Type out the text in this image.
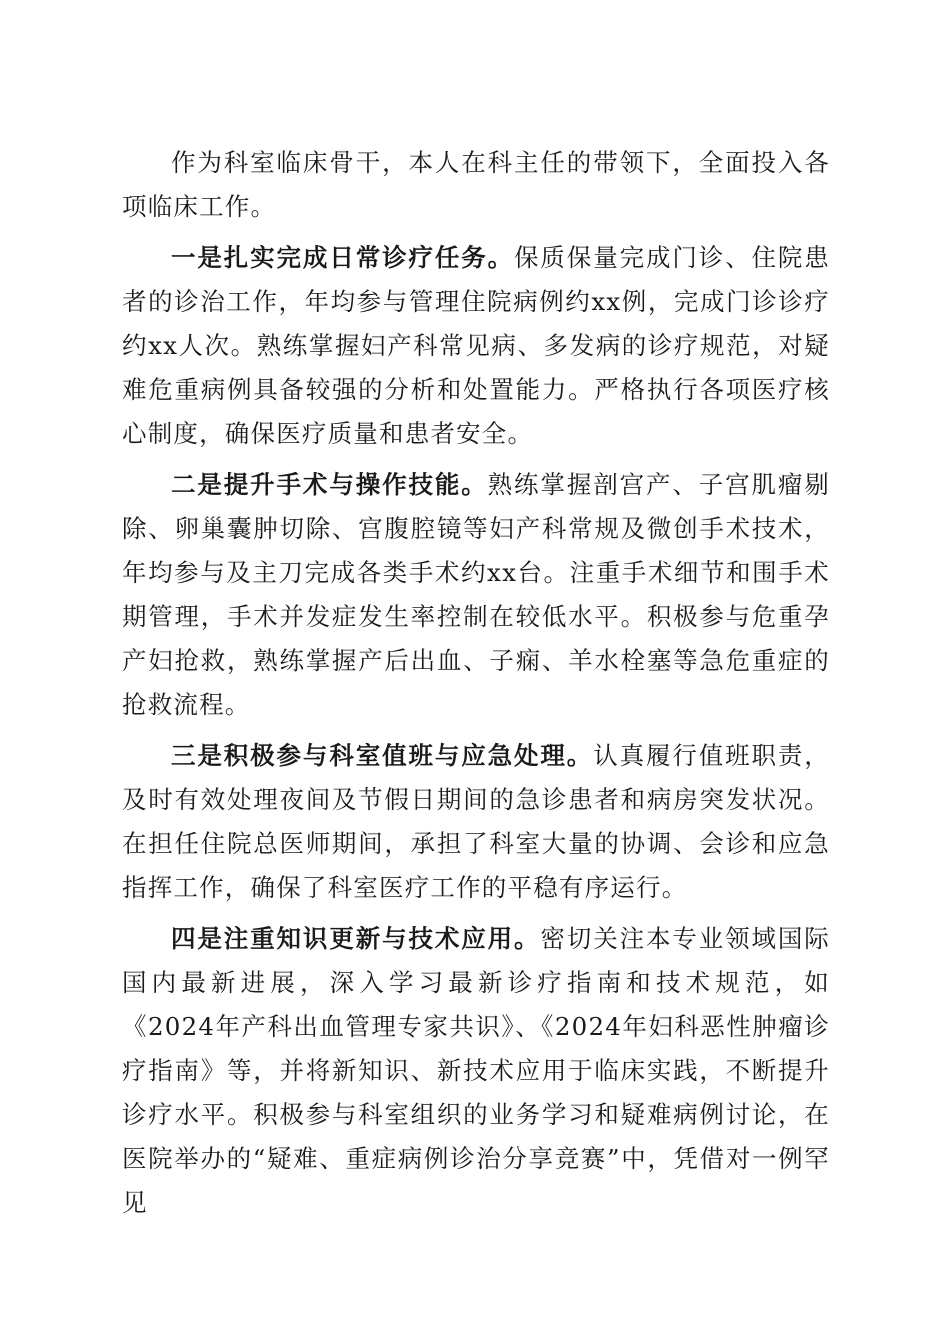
作为科室临床骨干，本人在科主任的带领下，全面投入各项临床工作。

一是扎实完成日常诊疗任务。保质保量完成门诊、住院患者的诊治工作，年均参与管理住院病例约xx例，完成门诊诊疗约xx人次。熟练掌握妇产科常见病、多发病的诊疗规范，对疑难危重病例具备较强的分析和处置能力。严格执行各项医疗核心制度，确保医疗质量和患者安全。

二是提升手术与操作技能。熟练掌握剖宫产、子宫肌瘤剔除、卵巢囊肿切除、宫腹腔镜等妇产科常规及微创手术技术，年均参与及主刀完成各类手术约xx台。注重手术细节和围手术期管理，手术并发症发生率控制在较低水平。积极参与危重孕产妇抢救，熟练掌握产后出血、子痫、羊水栓塞等急危重症的抢救流程。

三是积极参与科室值班与应急处理。认真履行值班职责，及时有效处理夜间及节假日期间的急诊患者和病房突发状况。在担任住院总医师期间，承担了科室大量的协调、会诊和应急指挥工作，确保了科室医疗工作的平稳有序运行。

四是注重知识更新与技术应用。密切关注本专业领域国际国内最新进展，深入学习最新诊疗指南和技术规范，如《2024年产科出血管理专家共识》、《2024年妇科恶性肿瘤诊疗指南》等，并将新知识、新技术应用于临床实践，不断提升诊疗水平。积极参与科室组织的业务学习和疑难病例讨论，在医院举办的“疑难、重症病例诊治分享竞赛”中，凭借对一例罕见
